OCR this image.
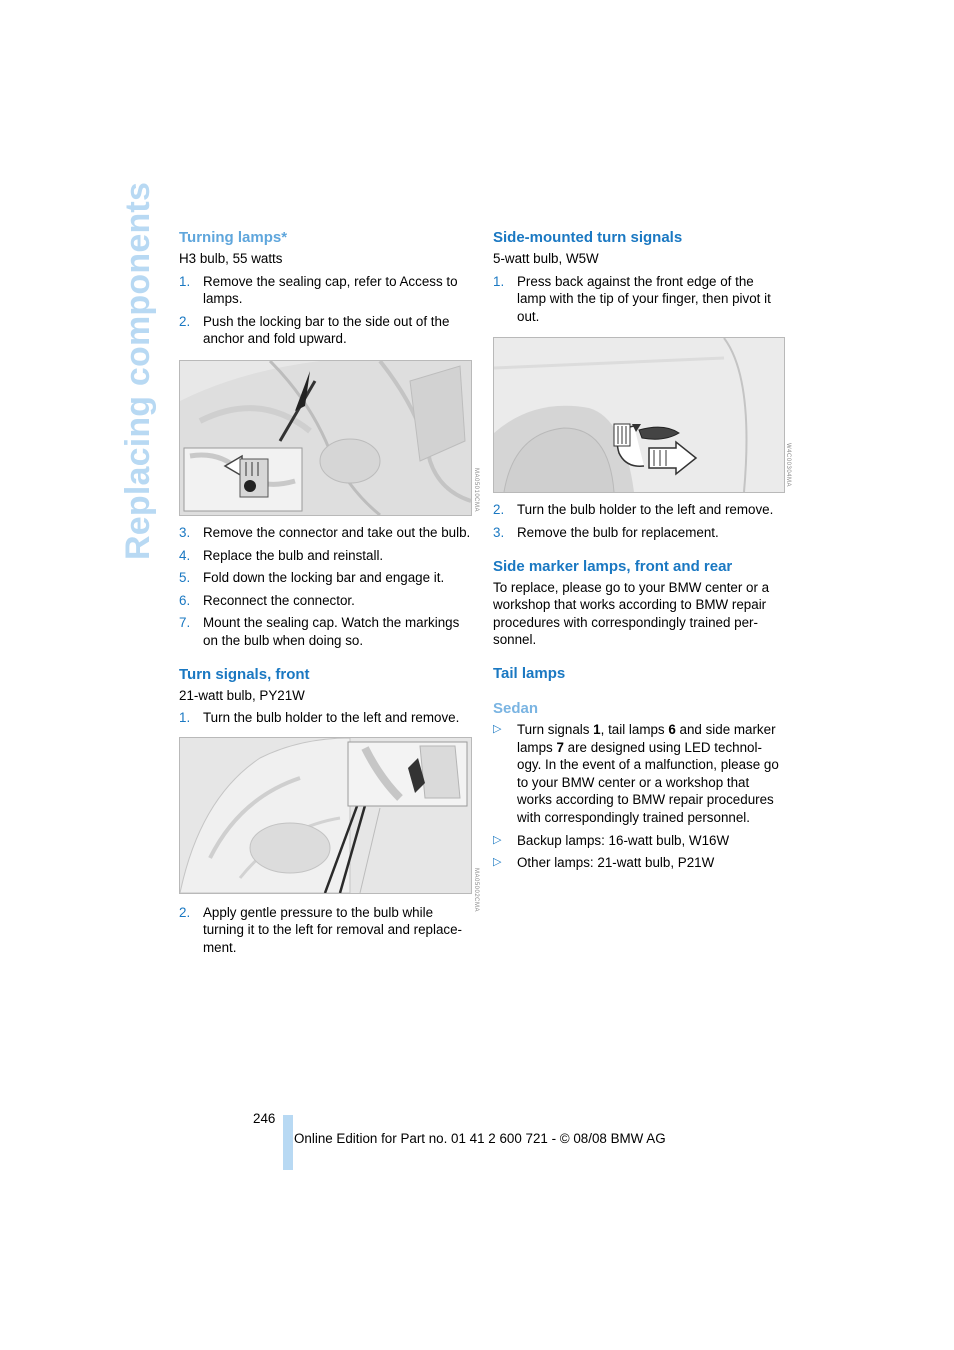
Replacing components Turning lamps*

H3 bulb, 55 watts

1. Remove the sealing cap, refer to Access to lamps.
2. Push the locking bar to the side out of the anchor and fold upward.
MA05010CMA
3. Remove the connector and take out the bulb.
4. Replace the bulb and reinstall.
5. Fold down the locking bar and engage it.
6. Reconnect the connector.
7. Mount the sealing cap. Watch the markings on the bulb when doing so.
Turn signals, front

21-watt bulb, PY21W

1. Turn the bulb holder to the left and remove.
MA05002CMA
2. Apply gentle pressure to the bulb while turning it to the left for removal and replace-ment.
Side-mounted turn signals

5-watt bulb, W5W

1. Press back against the front edge of the lamp with the tip of your finger, then pivot it out.
W4C00304MA
2. Turn the bulb holder to the left and remove.
3. Remove the bulb for replacement.
Side marker lamps, front and rear

To replace, please go to your BMW center or a workshop that works according to BMW repair procedures with correspondingly trained per-sonnel.

Tail lamps
Sedan
▷ Turn signals 1, tail lamps 6 and side marker lamps 7 are designed using LED technol-ogy. In the event of a malfunction, please go to your BMW center or a workshop that works according to BMW repair procedures with correspondingly trained personnel.
▷ Backup lamps: 16-watt bulb, W16W
▷ Other lamps: 21-watt bulb, P21W
246
Online Edition for Part no. 01 41 2 600 721 - © 08/08 BMW AG
